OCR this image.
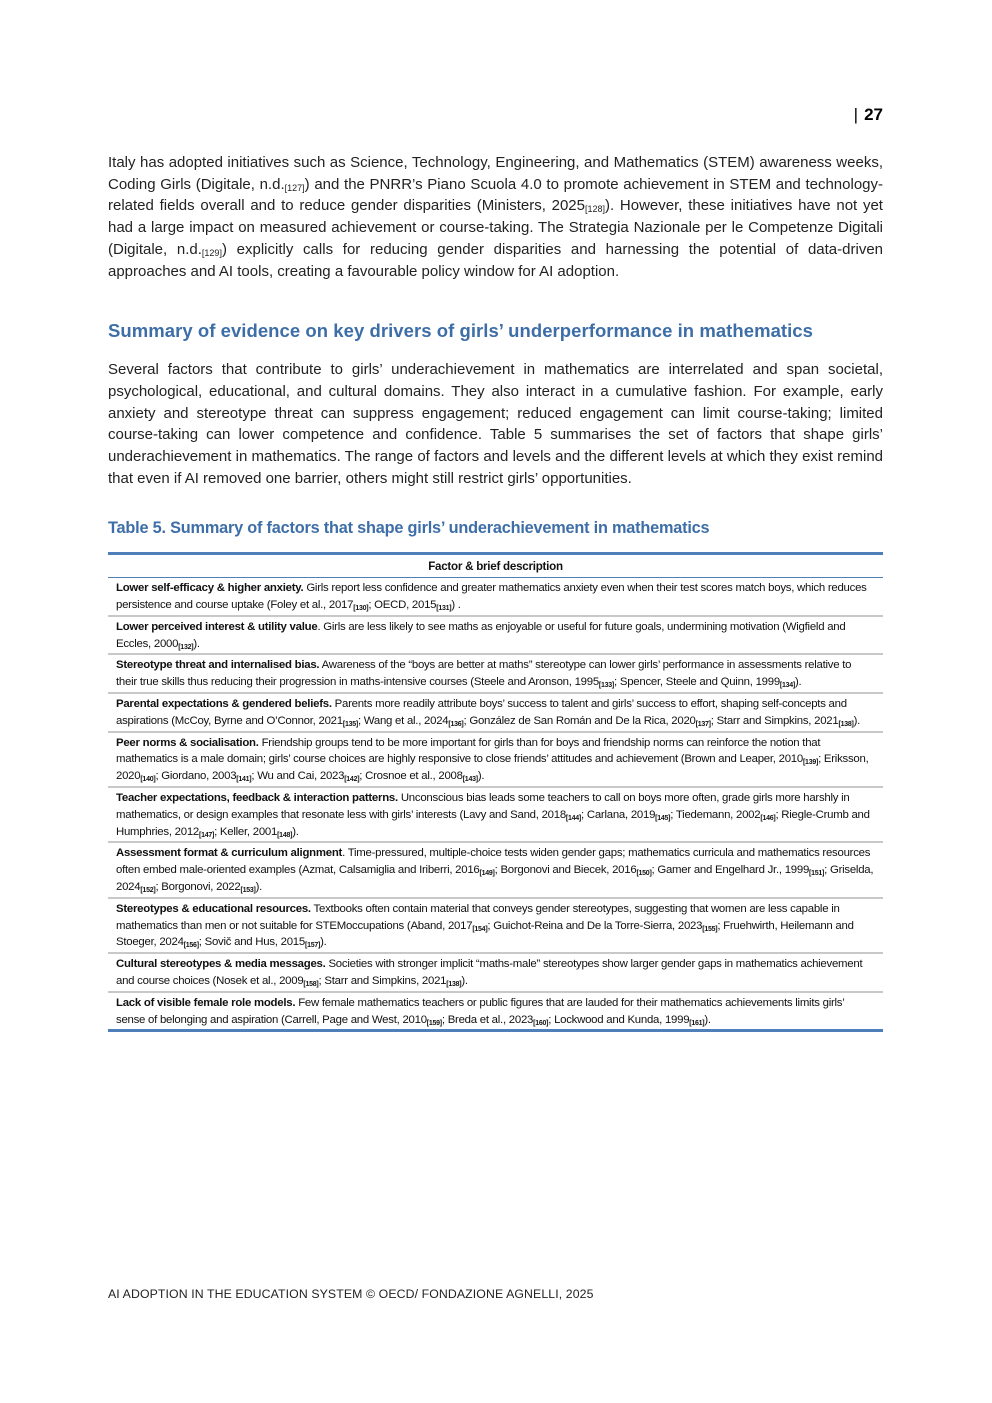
| 27

Italy has adopted initiatives such as Science, Technology, Engineering, and Mathematics (STEM) awareness weeks, Coding Girls (Digitale, $n.d._{[127]}$) and the PNRR’s Piano Scuola 4.0 to promote achievement in STEM and technology-related fields overall and to reduce gender disparities (Ministers, $2025_{[128]}$). However, these initiatives have not yet had a large impact on measured achievement or course-taking. The Strategia Nazionale per le Competenze Digitali (Digitale, $n.d._{[129]}$) explicitly calls for reducing gender disparities and harnessing the potential of data-driven approaches and AI tools, creating a favourable policy window for AI adoption.

Summary of evidence on key drivers of girls’ underperformance in mathematics

Several factors that contribute to girls’ underachievement in mathematics are interrelated and span societal, psychological, educational, and cultural domains. They also interact in a cumulative fashion. For example, early anxiety and stereotype threat can suppress engagement; reduced engagement can limit course-taking; limited course-taking can lower competence and confidence. Table 5 summarises the set of factors that shape girls’ underachievement in mathematics. The range of factors and levels and the different levels at which they exist remind that even if AI removed one barrier, others might still restrict girls’ opportunities.

Table 5. Summary of factors that shape girls’ underachievement in mathematics
Factor & brief description
Lower self-efficacy & higher anxiety. Girls report less confidence and greater mathematics anxiety even when their test scores match boys, which reduces persistence and course uptake (Foley et al., $2017_{[130]}$; OECD, $2015_{[131]}$) .
Lower perceived interest & utility value. Girls are less likely to see maths as enjoyable or useful for future goals, undermining motivation (Wigfield and Eccles, $2000_{[132]}$).
Stereotype threat and internalised bias. Awareness of the “boys are better at maths” stereotype can lower girls’ performance in assessments relative to their true skills thus reducing their progression in maths-intensive courses (Steele and Aronson, $1995_{[133]}$; Spencer, Steele and Quinn, $1999_{[134]}$).
Parental expectations & gendered beliefs. Parents more readily attribute boys’ success to talent and girls’ success to effort, shaping self-concepts and aspirations (McCoy, Byrne and O’Connor, $2021_{[135]}$; Wang et al., $2024_{[136]}$; González de San Román and De la Rica, $2020_{[137]}$; Starr and Simpkins, $2021_{[138]}$).
Peer norms & socialisation. Friendship groups tend to be more important for girls than for boys and friendship norms can reinforce the notion that mathematics is a male domain; girls’ course choices are highly responsive to close friends’ attitudes and achievement (Brown and Leaper, $2010_{[139]}$; Eriksson, $2020_{[140]}$; Giordano, $2003_{[141]}$; Wu and Cai, $2023_{[142]}$; Crosnoe et al., $2008_{[143]}$).
Teacher expectations, feedback & interaction patterns. Unconscious bias leads some teachers to call on boys more often, grade girls more harshly in mathematics, or design examples that resonate less with girls’ interests (Lavy and Sand, $2018_{[144]}$; Carlana, $2019_{[145]}$; Tiedemann, $2002_{[146]}$; Riegle-Crumb and Humphries, $2012_{[147]}$; Keller, $2001_{[148]}$).
Assessment format & curriculum alignment. Time-pressured, multiple-choice tests widen gender gaps; mathematics curricula and mathematics resources often embed male-oriented examples (Azmat, Calsamiglia and Iriberri, $2016_{[149]}$; Borgonovi and Biecek, $2016_{[150]}$; Gamer and Engelhard Jr., $1999_{[151]}$; Griselda, $2024_{[152]}$; Borgonovi, $2022_{[153]}$).
Stereotypes & educational resources. Textbooks often contain material that conveys gender stereotypes, suggesting that women are less capable in mathematics than men or not suitable for STEMoccupations (Aband, $2017_{[154]}$; Guichot-Reina and De la Torre-Sierra, $2023_{[155]}$; Fruehwirth, Heilemann and Stoeger, $2024_{[156]}$; Sovič and Hus, $2015_{[157]}$).
Cultural stereotypes & media messages. Societies with stronger implicit “maths-male” stereotypes show larger gender gaps in mathematics achievement and course choices (Nosek et al., $2009_{[158]}$; Starr and Simpkins, $2021_{[138]}$).
Lack of visible female role models. Few female mathematics teachers or public figures that are lauded for their mathematics achievements limits girls’ sense of belonging and aspiration (Carrell, Page and West, $2010_{[159]}$; Breda et al., $2023_{[160]}$; Lockwood and Kunda, $1999_{[161]}$).
AI ADOPTION IN THE EDUCATION SYSTEM © OECD/ FONDAZIONE AGNELLI, 2025
